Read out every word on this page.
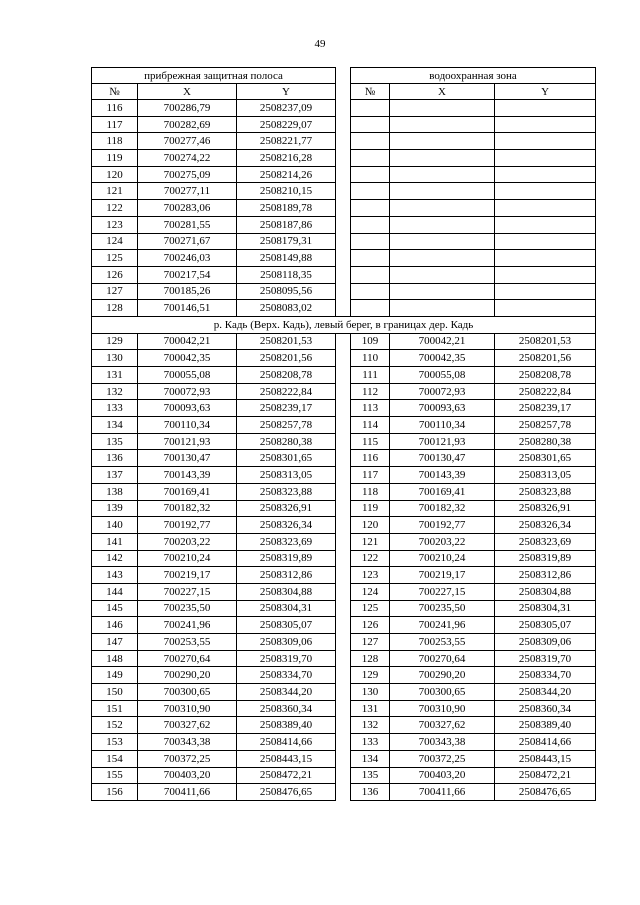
49
прибрежная защитная полоса				водоохранная зона		
№	X	Y		№	X	Y
116	700286,79	2508237,09				
117	700282,69	2508229,07				
118	700277,46	2508221,77				
119	700274,22	2508216,28				
120	700275,09	2508214,26				
121	700277,11	2508210,15				
122	700283,06	2508189,78				
123	700281,55	2508187,86				
124	700271,67	2508179,31				
125	700246,03	2508149,88				
126	700217,54	2508118,35				
127	700185,26	2508095,56				
128	700146,51	2508083,02				
р. Кадь (Верх. Кадь), левый берег, в границах дер. Кадь						
129	700042,21	2508201,53		109	700042,21	2508201,53
130	700042,35	2508201,56		110	700042,35	2508201,56
131	700055,08	2508208,78		111	700055,08	2508208,78
132	700072,93	2508222,84		112	700072,93	2508222,84
133	700093,63	2508239,17		113	700093,63	2508239,17
134	700110,34	2508257,78		114	700110,34	2508257,78
135	700121,93	2508280,38		115	700121,93	2508280,38
136	700130,47	2508301,65		116	700130,47	2508301,65
137	700143,39	2508313,05		117	700143,39	2508313,05
138	700169,41	2508323,88		118	700169,41	2508323,88
139	700182,32	2508326,91		119	700182,32	2508326,91
140	700192,77	2508326,34		120	700192,77	2508326,34
141	700203,22	2508323,69		121	700203,22	2508323,69
142	700210,24	2508319,89		122	700210,24	2508319,89
143	700219,17	2508312,86		123	700219,17	2508312,86
144	700227,15	2508304,88		124	700227,15	2508304,88
145	700235,50	2508304,31		125	700235,50	2508304,31
146	700241,96	2508305,07		126	700241,96	2508305,07
147	700253,55	2508309,06		127	700253,55	2508309,06
148	700270,64	2508319,70		128	700270,64	2508319,70
149	700290,20	2508334,70		129	700290,20	2508334,70
150	700300,65	2508344,20		130	700300,65	2508344,20
151	700310,90	2508360,34		131	700310,90	2508360,34
152	700327,62	2508389,40		132	700327,62	2508389,40
153	700343,38	2508414,66		133	700343,38	2508414,66
154	700372,25	2508443,15		134	700372,25	2508443,15
155	700403,20	2508472,21		135	700403,20	2508472,21
156	700411,66	2508476,65		136	700411,66	2508476,65
